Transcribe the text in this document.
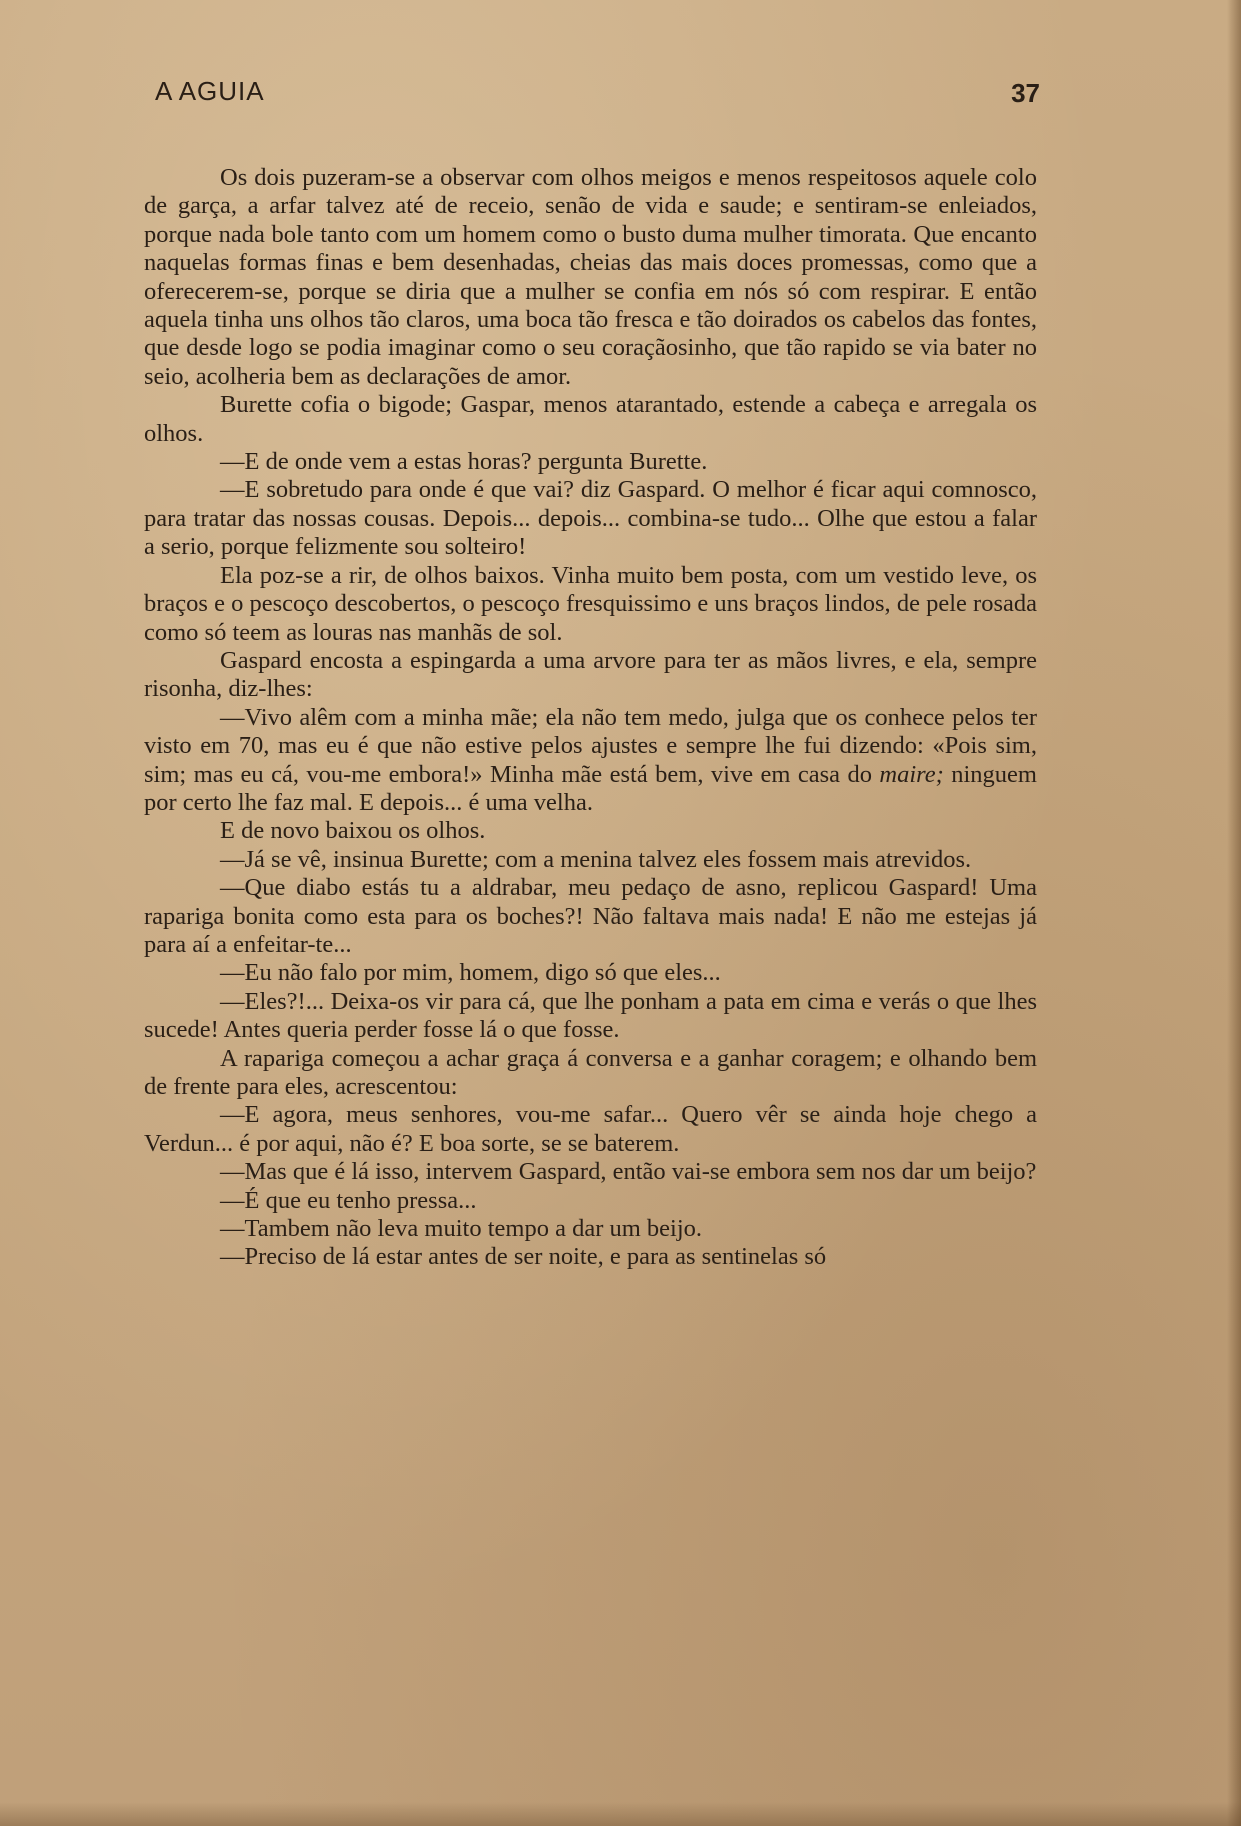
A AGUIA	37

Os dois puzeram-se a observar com olhos meigos e menos respeitosos aquele colo de garça, a arfar talvez até de receio, senão de vida e saude; e sentiram-se enleiados, porque nada bole tanto com um homem como o busto duma mulher timorata. Que encanto naquelas formas finas e bem desenhadas, cheias das mais doces promessas, como que a oferecerem-se, porque se diria que a mulher se confia em nós só com respirar. E então aquela tinha uns olhos tão claros, uma boca tão fresca e tão doirados os cabelos das fontes, que desde logo se podia imaginar como o seu coraçãosinho, que tão rapido se via bater no seio, acolheria bem as declarações de amor.

Burette cofia o bigode; Gaspar, menos atarantado, estende a cabeça e arregala os olhos.

—E de onde vem a estas horas? pergunta Burette.

—E sobretudo para onde é que vai? diz Gaspard. O melhor é ficar aqui comnosco, para tratar das nossas cousas. Depois... depois... combina-se tudo... Olhe que estou a falar a serio, porque felizmente sou solteiro!

Ela poz-se a rir, de olhos baixos. Vinha muito bem posta, com um vestido leve, os braços e o pescoço descobertos, o pescoço fresquissimo e uns braços lindos, de pele rosada como só teem as louras nas manhãs de sol.

Gaspard encosta a espingarda a uma arvore para ter as mãos livres, e ela, sempre risonha, diz-lhes:

—Vivo alêm com a minha mãe; ela não tem medo, julga que os conhece pelos ter visto em 70, mas eu é que não estive pelos ajustes e sempre lhe fui dizendo: «Pois sim, sim; mas eu cá, vou-me embora!» Minha mãe está bem, vive em casa do maire; ninguem por certo lhe faz mal. E depois... é uma velha.

E de novo baixou os olhos.

—Já se vê, insinua Burette; com a menina talvez eles fossem mais atrevidos.

—Que diabo estás tu a aldrabar, meu pedaço de asno, replicou Gaspard! Uma rapariga bonita como esta para os boches?! Não faltava mais nada! E não me estejas já para aí a enfeitar-te...

—Eu não falo por mim, homem, digo só que eles...

—Eles?!... Deixa-os vir para cá, que lhe ponham a pata em cima e verás o que lhes sucede! Antes queria perder fosse lá o que fosse.

A rapariga começou a achar graça á conversa e a ganhar coragem; e olhando bem de frente para eles, acrescentou:

—E agora, meus senhores, vou-me safar... Quero vêr se ainda hoje chego a Verdun... é por aqui, não é? E boa sorte, se se baterem.

—Mas que é lá isso, intervem Gaspard, então vai-se embora sem nos dar um beijo?

—É que eu tenho pressa...

—Tambem não leva muito tempo a dar um beijo.

—Preciso de lá estar antes de ser noite, e para as sentinelas só
